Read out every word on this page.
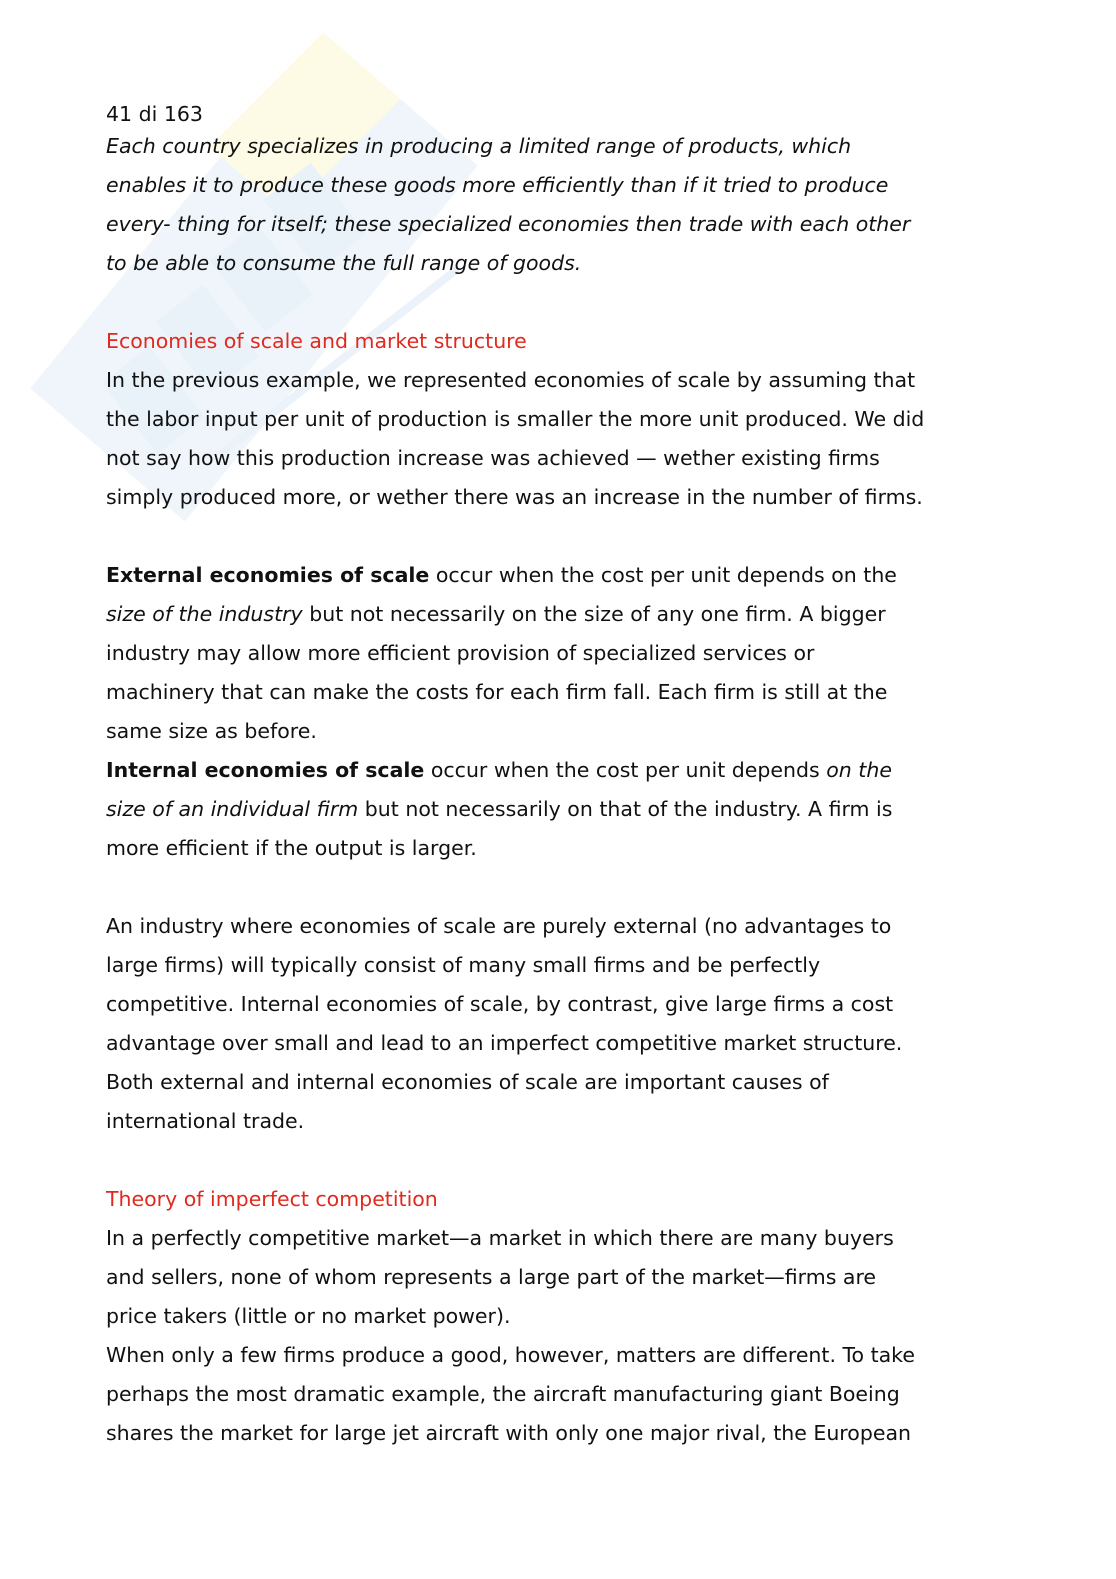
41 di 163
Each country specializes in producing a limited range of products, which
enables it to produce these goods more efficiently than if it tried to produce
every- thing for itself; these specialized economies then trade with each other
to be able to consume the full range of goods.
Economies of scale and market structure
In the previous example, we represented economies of scale by assuming that
the labor input per unit of production is smaller the more unit produced. We did
not say how this production increase was achieved — wether existing firms
simply produced more, or wether there was an increase in the number of firms.
External economies of scale occur when the cost per unit depends on the
size of the industry but not necessarily on the size of any one firm. A bigger
industry may allow more efficient provision of specialized services or
machinery that can make the costs for each firm fall. Each firm is still at the
same size as before.
Internal economies of scale occur when the cost per unit depends on the
size of an individual firm but not necessarily on that of the industry. A firm is
more efficient if the output is larger.
An industry where economies of scale are purely external (no advantages to
large firms) will typically consist of many small firms and be perfectly
competitive. Internal economies of scale, by contrast, give large firms a cost
advantage over small and lead to an imperfect competitive market structure.
Both external and internal economies of scale are important causes of
international trade.
Theory of imperfect competition
In a perfectly competitive market—a market in which there are many buyers
and sellers, none of whom represents a large part of the market—firms are
price takers (little or no market power).
When only a few firms produce a good, however, matters are different. To take
perhaps the most dramatic example, the aircraft manufacturing giant Boeing
shares the market for large jet aircraft with only one major rival, the European
